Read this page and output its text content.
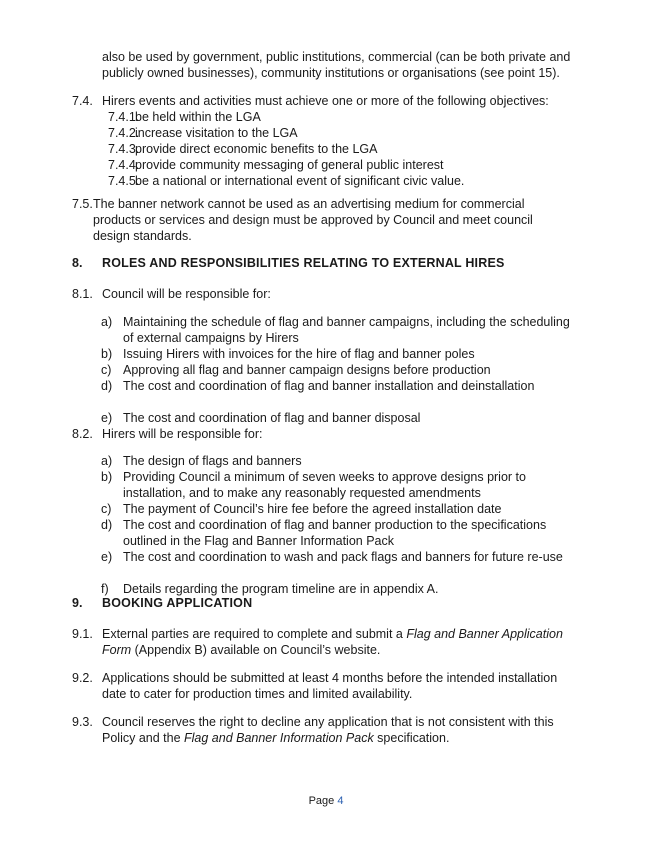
also be used by government, public institutions, commercial (can be both private and
publicly owned businesses), community institutions or organisations (see point 15).
7.4. Hirers events and activities must achieve one or more of the following objectives:
7.4.1.
be held within the LGA
7.4.2.
increase visitation to the LGA
7.4.3.
provide direct economic benefits to the LGA
7.4.4.
provide community messaging of general public interest
7.4.5.
be a national or international event of significant civic value.
7.5. The banner network cannot be used as an advertising medium for commercial
products or services and design must be approved by Council and meet council
design standards.
8. ROLES AND RESPONSIBILITIES RELATING TO EXTERNAL HIRES
8.1. Council will be responsible for:
a) Maintaining the schedule of flag and banner campaigns, including the scheduling of external campaigns by Hirers
b) Issuing Hirers with invoices for the hire of flag and banner poles
c) Approving all flag and banner campaign designs before production
d) The cost and coordination of flag and banner installation and deinstallation
e) The cost and coordination of flag and banner disposal
8.2. Hirers will be responsible for:
a) The design of flags and banners
b) Providing Council a minimum of seven weeks to approve designs prior to installation, and to make any reasonably requested amendments
c) The payment of Council’s hire fee before the agreed installation date
d) The cost and coordination of flag and banner production to the specifications outlined in the Flag and Banner Information Pack
e) The cost and coordination to wash and pack flags and banners for future re-use
f) Details regarding the program timeline are in appendix A.
9. BOOKING APPLICATION
9.1. External parties are required to complete and submit a Flag and Banner Application
Form (Appendix B) available on Council’s website.
9.2. Applications should be submitted at least 4 months before the intended installation
date to cater for production times and limited availability.
9.3. Council reserves the right to decline any application that is not consistent with this
Policy and the Flag and Banner Information Pack specification.
Page 4
